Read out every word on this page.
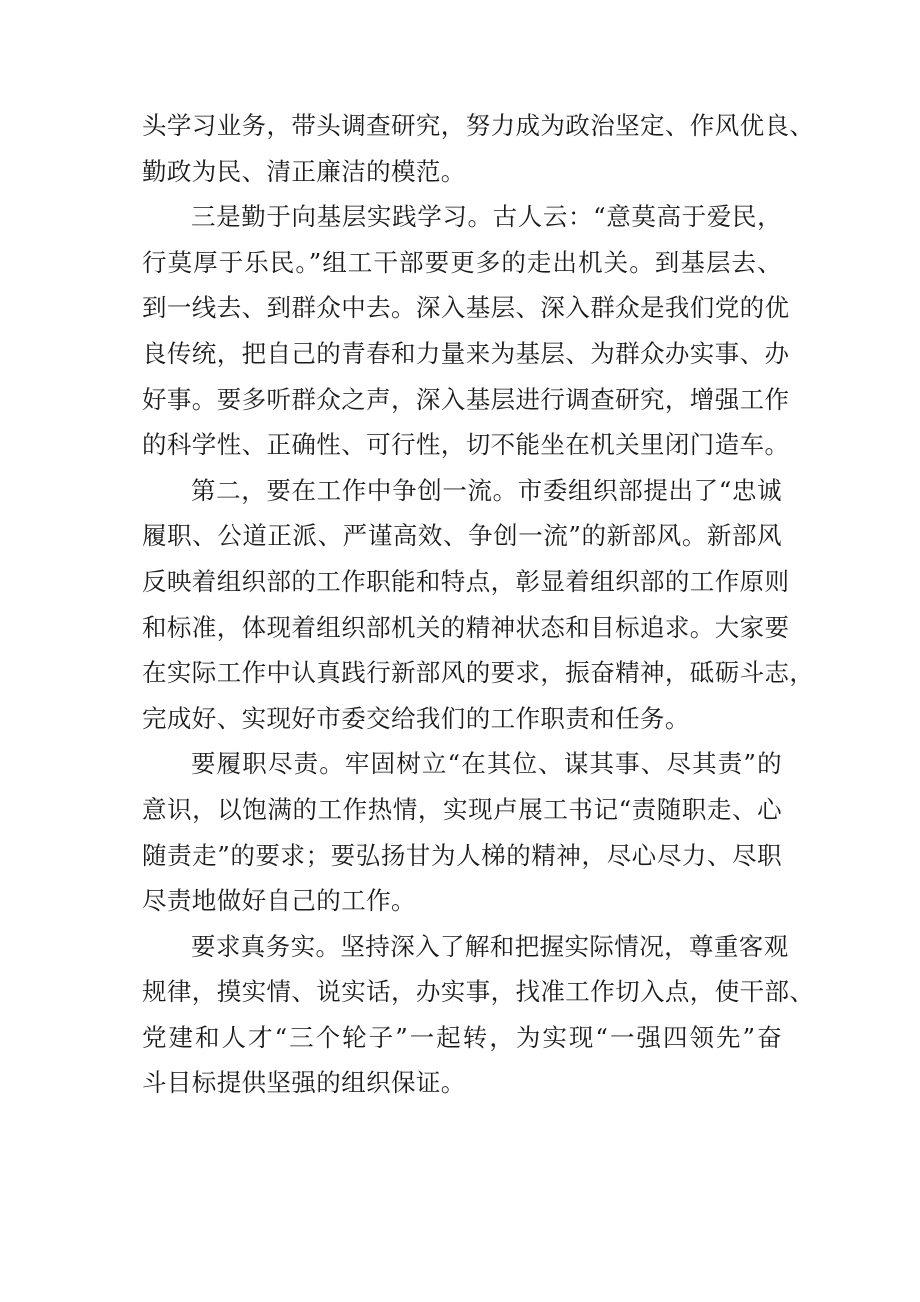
头学习业务，带头调查研究，努力成为政治坚定、作风优良、
勤政为民、清正廉洁的模范。
三是勤于向基层实践学习。古人云：“意莫高于爱民，
行莫厚于乐民。”组工干部要更多的走出机关。到基层去、
到一线去、到群众中去。深入基层、深入群众是我们党的优
良传统，把自己的青春和力量来为基层、为群众办实事、办
好事。要多听群众之声，深入基层进行调查研究，增强工作
的科学性、正确性、可行性，切不能坐在机关里闭门造车。
第二，要在工作中争创一流。市委组织部提出了“忠诚
履职、公道正派、严谨高效、争创一流”的新部风。新部风
反映着组织部的工作职能和特点，彰显着组织部的工作原则
和标准，体现着组织部机关的精神状态和目标追求。大家要
在实际工作中认真践行新部风的要求，振奋精神，砥砺斗志，
完成好、实现好市委交给我们的工作职责和任务。
要履职尽责。牢固树立“在其位、谋其事、尽其责”的
意识，以饱满的工作热情，实现卢展工书记“责随职走、心
随责走”的要求；要弘扬甘为人梯的精神，尽心尽力、尽职
尽责地做好自己的工作。
要求真务实。坚持深入了解和把握实际情况，尊重客观
规律，摸实情、说实话，办实事，找准工作切入点，使干部、
党建和人才“三个轮子”一起转，为实现“一强四领先”奋
斗目标提供坚强的组织保证。
